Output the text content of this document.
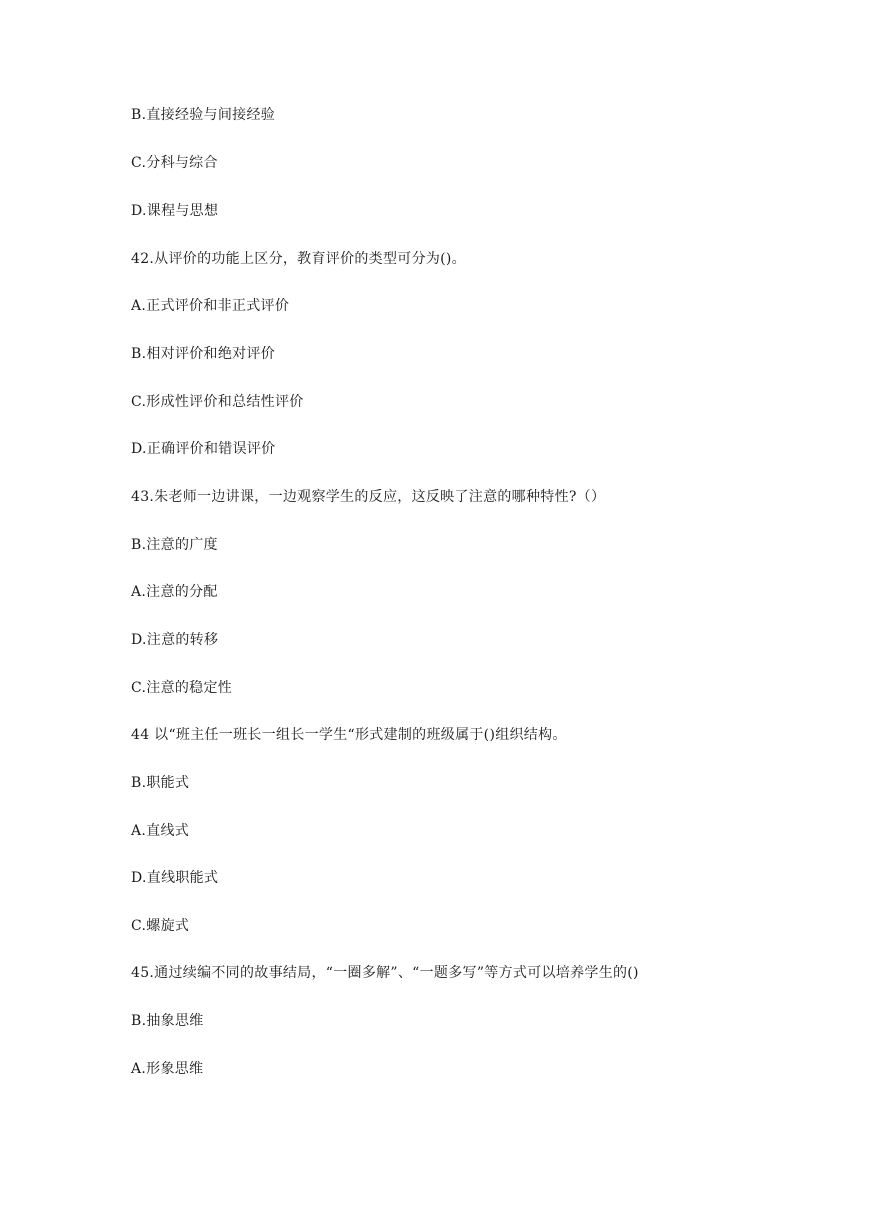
B.直接经验与间接经验
C.分科与综合
D.课程与思想
42.从评价的功能上区分，教育评价的类型可分为()。
A.正式评价和非正式评价
B.相对评价和绝对评价
C.形成性评价和总结性评价
D.正确评价和错误评价
43.朱老师一边讲课，一边观察学生的反应，这反映了注意的哪种特性?（）
B.注意的广度
A.注意的分配
D.注意的转移
C.注意的稳定性
44 以“班主任一班长一组长一学生“形式建制的班级属于()组织结构。
B.职能式
A.直线式
D.直线职能式
C.螺旋式
45.通过续编不同的故事结局，“一圈多解”、“一题多写”等方式可以培养学生的()
B.抽象思维
A.形象思维
